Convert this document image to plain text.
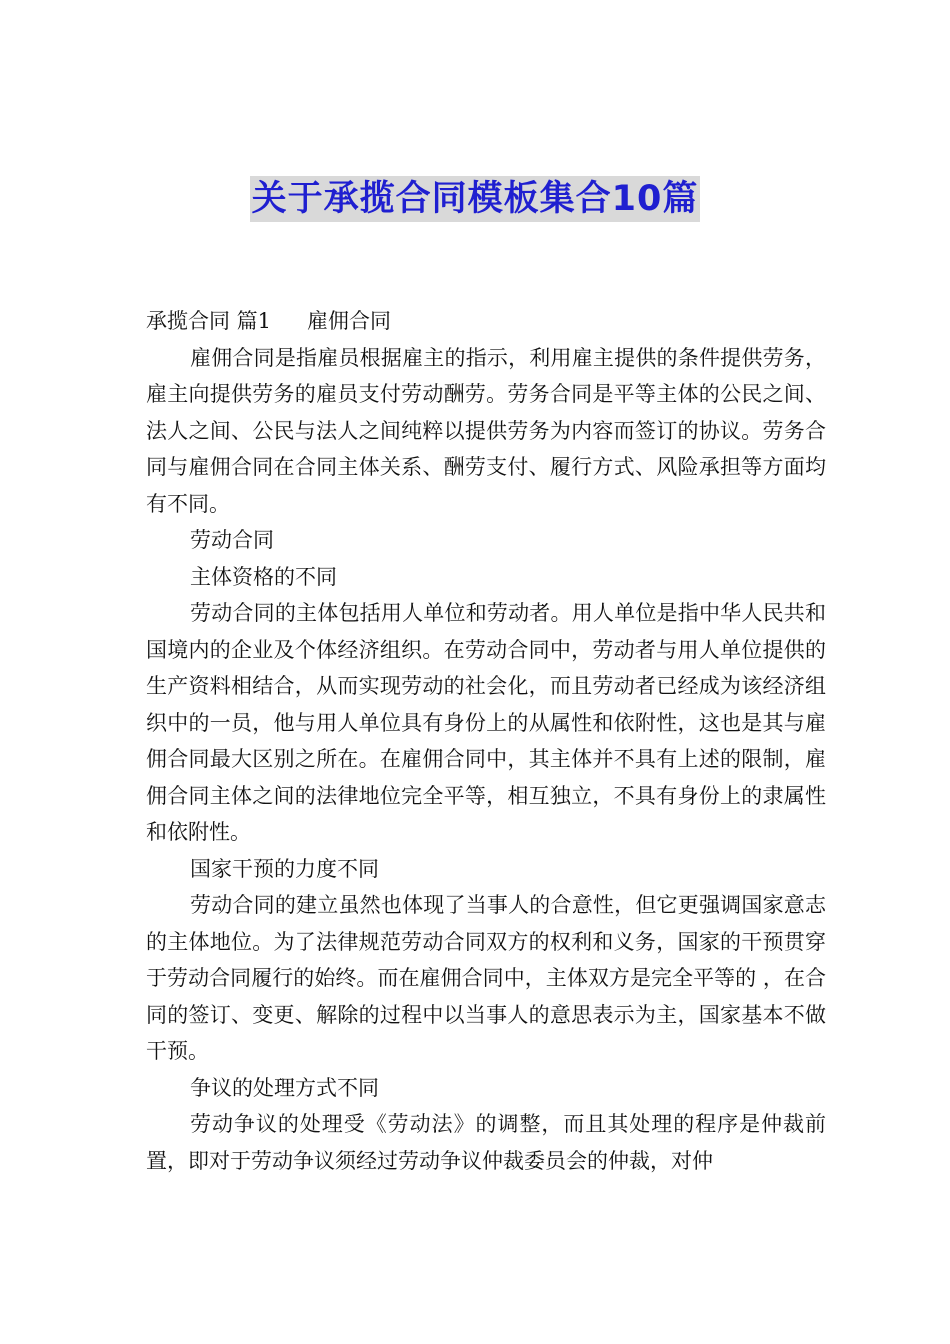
关于承揽合同模板集合10篇

承揽合同 篇1 雇佣合同

雇佣合同是指雇员根据雇主的指示，利用雇主提供的条件提供劳务，雇主向提供劳务的雇员支付劳动酬劳。劳务合同是平等主体的公民之间、法人之间、公民与法人之间纯粹以提供劳务为内容而签订的协议。劳务合同与雇佣合同在合同主体关系、酬劳支付、履行方式、风险承担等方面均有不同。

劳动合同

主体资格的不同

劳动合同的主体包括用人单位和劳动者。用人单位是指中华人民共和国境内的企业及个体经济组织。在劳动合同中，劳动者与用人单位提供的生产资料相结合，从而实现劳动的社会化，而且劳动者已经成为该经济组织中的一员，他与用人单位具有身份上的从属性和依附性，这也是其与雇佣合同最大区别之所在。在雇佣合同中，其主体并不具有上述的限制，雇佣合同主体之间的法律地位完全平等，相互独立，不具有身份上的隶属性和依附性。

国家干预的力度不同

劳动合同的建立虽然也体现了当事人的合意性，但它更强调国家意志的主体地位。为了法律规范劳动合同双方的权利和义务，国家的干预贯穿于劳动合同履行的始终。而在雇佣合同中，主体双方是完全平等的 ，在合同的签订、变更、解除的过程中以当事人的意思表示为主，国家基本不做干预。

争议的处理方式不同

劳动争议的处理受《劳动法》的调整，而且其处理的程序是仲裁前置，即对于劳动争议须经过劳动争议仲裁委员会的仲裁，对仲
